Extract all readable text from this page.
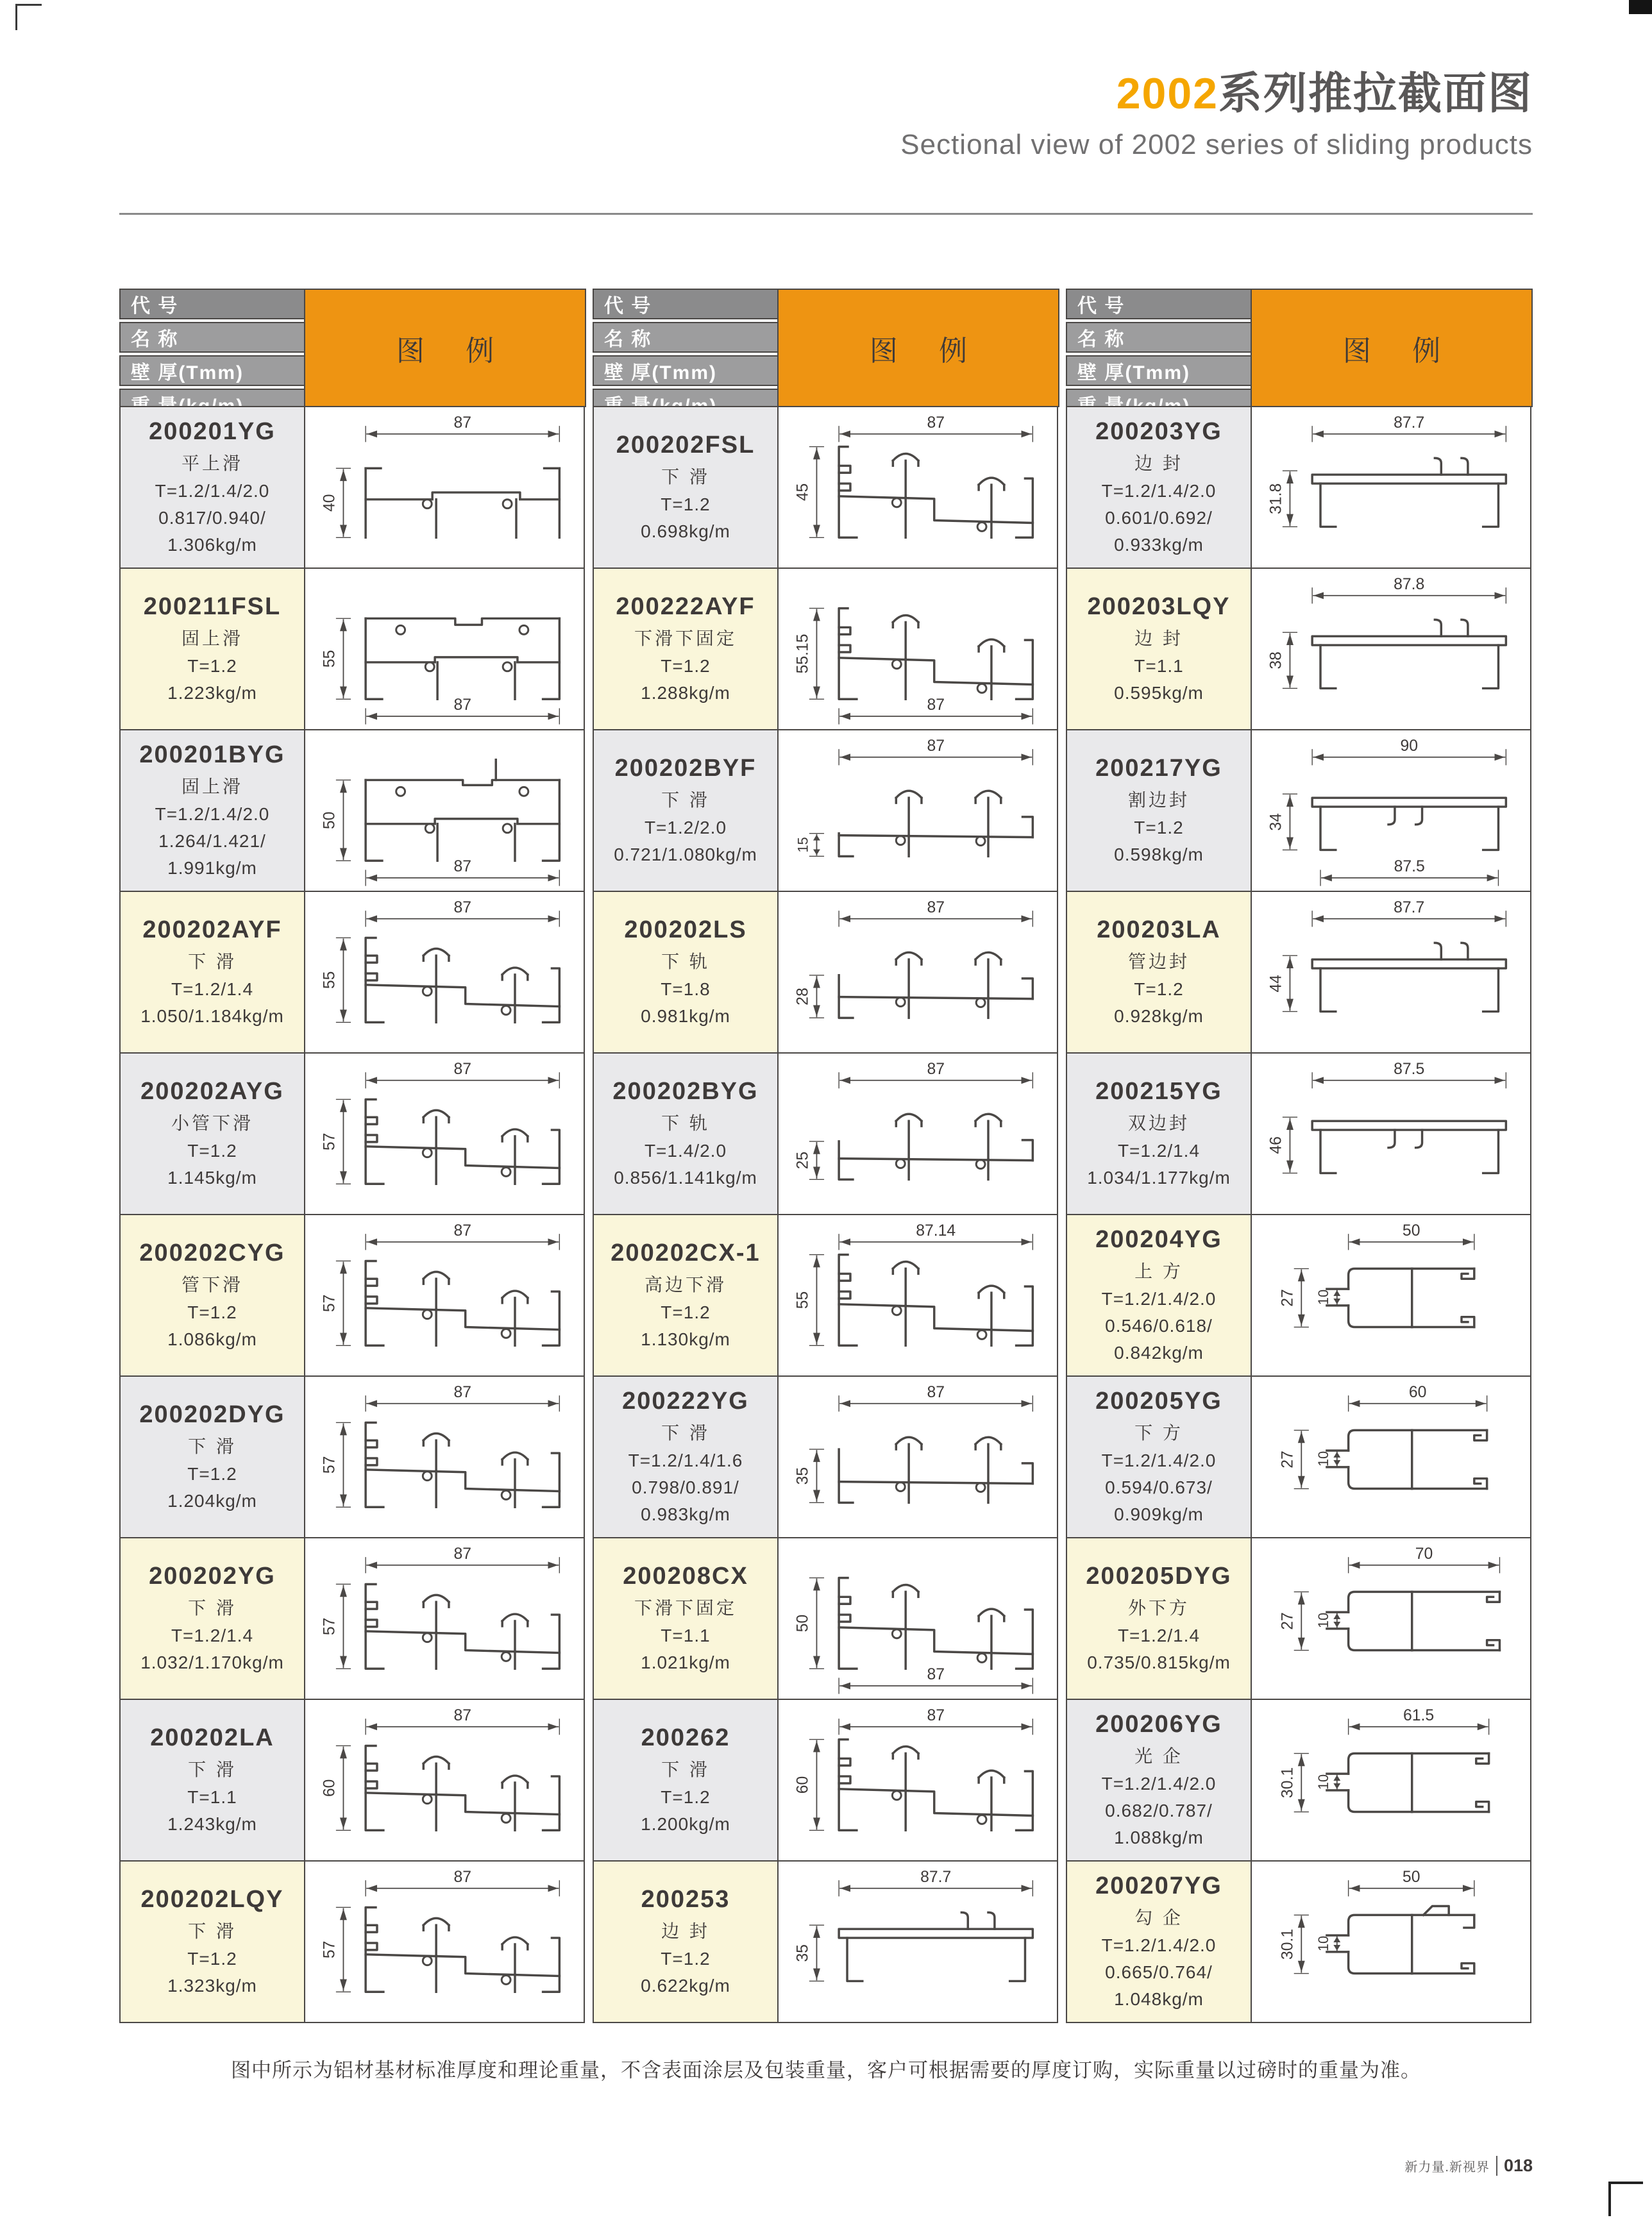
2002系列推拉截面图
Sectional view of 2002 series of sliding products
代 号
名 称
壁 厚(Tmm)
图 例
200201YG
平上滑
T=1.2/1.4/2.0
0.817/0.940/
1.306kg/m
87
40
200211FSL
固上滑
T=1.2
1.223kg/m
55
87
200201BYG
固上滑
T=1.2/1.4/2.0
1.264/1.421/
1.991kg/m
50
87
200202AYF
下 滑
T=1.2/1.4
1.050/1.184kg/m
87
55
200202AYG
小管下滑
T=1.2
1.145kg/m
87
57
200202CYG
管下滑
T=1.2
1.086kg/m
87
57
200202DYG
下 滑
T=1.2
1.204kg/m
87
57
200202YG
下 滑
T=1.2/1.4
1.032/1.170kg/m
87
57
200202LA
下 滑
T=1.1
1.243kg/m
87
60
200202LQY
下 滑
T=1.2
1.323kg/m
87
57
代 号
名 称
壁 厚(Tmm)
图 例
200202FSL
下 滑
T=1.2
0.698kg/m
87
45
200222AYF
下滑下固定
T=1.2
1.288kg/m
55.15
87
200202BYF
下 滑
T=1.2/2.0
0.721/1.080kg/m
87
15
200202LS
下 轨
T=1.8
0.981kg/m
87
28
200202BYG
下 轨
T=1.4/2.0
0.856/1.141kg/m
87
25
200202CX-1
高边下滑
T=1.2
1.130kg/m
87.14
55
200222YG
下 滑
T=1.2/1.4/1.6
0.798/0.891/
0.983kg/m
87
35
200208CX
下滑下固定
T=1.1
1.021kg/m
50
87
200262
下 滑
T=1.2
1.200kg/m
87
60
200253
边 封
T=1.2
0.622kg/m
87.7
35
代 号
名 称
壁 厚(Tmm)
图 例
200203YG
边 封
T=1.2/1.4/2.0
0.601/0.692/
0.933kg/m
87.7
31.8
200203LQY
边 封
T=1.1
0.595kg/m
87.8
38
200217YG
割边封
T=1.2
0.598kg/m
90
34
87.5
200203LA
管边封
T=1.2
0.928kg/m
87.7
44
200215YG
双边封
T=1.2/1.4
1.034/1.177kg/m
87.5
46
200204YG
上 方
T=1.2/1.4/2.0
0.546/0.618/
0.842kg/m
50
27 10
200205YG
下 方
T=1.2/1.4/2.0
0.594/0.673/
0.909kg/m
60
27 10
200205DYG
外下方
T=1.2/1.4
0.735/0.815kg/m
70
27 10
200206YG
光 企
T=1.2/1.4/2.0
0.682/0.787/
1.088kg/m
61.5
30.1 10
200207YG
勾 企
T=1.2/1.4/2.0
0.665/0.764/
1.048kg/m
50
30.1 10

图中所示为铝材基材标准厚度和理论重量，不含表面涂层及包装重量，客户可根据需要的厚度订购，实际重量以过磅时的重量为准。

新力量.新视界 018
